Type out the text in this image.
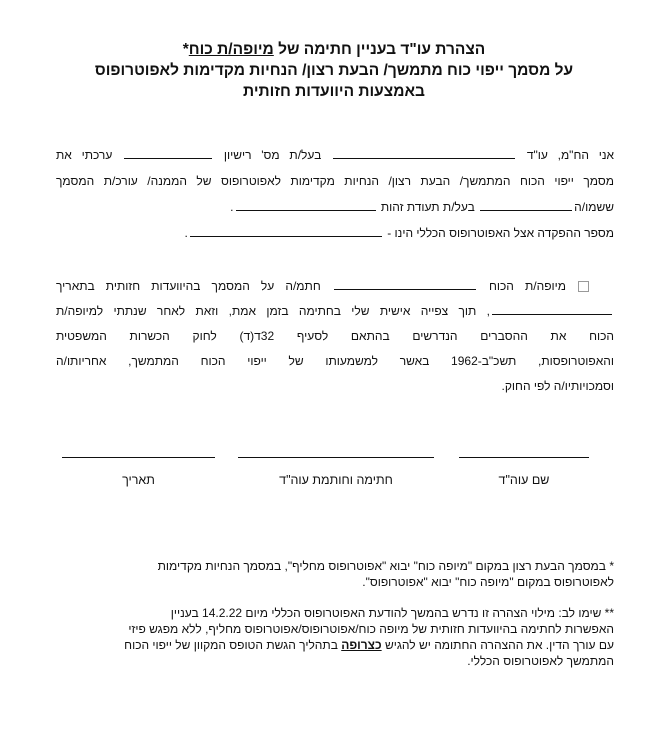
הצהרת עו"ד בעניין חתימה של מיופה/ת כוח*
על מסמך ייפוי כוח מתמשך/ הבעת רצון/ הנחיות מקדימות לאפוטרופוס
באמצעות היוועדות חזותית
אני הח"מ, עו"ד  בעל/ת מס' רישיון  ערכתי את
מסמך ייפוי הכוח המתמשך/ הבעת רצון/ הנחיות מקדימות לאפוטרופוס של הממנה/ עורכ/ת המסמך
ששמו/ה בעל/ת תעודת זהות .
מספר ההפקדה אצל האפוטרופוס הכללי הינו - .
מיופה/ת הכוח  חתמ/ה על המסמך בהיוועדות חזותית בתאריך
, תוך צפייה אישית שלי בחתימה בזמן אמת, וזאת לאחר שנתתי למיופה/ת
הכוח את ההסברים הנדרשים בהתאם לסעיף 32ד(ד) לחוק הכשרות המשפטית
והאפוטרופסות, תשכ"ב-1962 באשר למשמעותו של ייפוי הכוח המתמשך, אחריותו/ה
וסמכויותיו/ה לפי החוק.
שם עוה"ד
חתימה וחותמת עוה"ד
תאריך
* במסמך הבעת רצון במקום "מיופה כוח" יבוא "אפוטרופוס מחליף", במסמך הנחיות מקדימות
לאפוטרופוס במקום "מיופה כוח" יבוא "אפוטרופוס".
** שימו לב: מילוי הצהרה זו נדרש בהמשך להודעת האפוטרופוס הכללי מיום 14.2.22 בעניין
האפשרות לחתימה בהיוועדות חזותית של מיופה כוח/אפוטרופוס/אפוטרופוס מחליף, ללא מפגש פיזי
עם עורך הדין. את ההצהרה החתומה יש להגיש כצרופה בתהליך הגשת הטופס המקוון של ייפוי הכוח
המתמשך לאפוטרופוס הכללי.
